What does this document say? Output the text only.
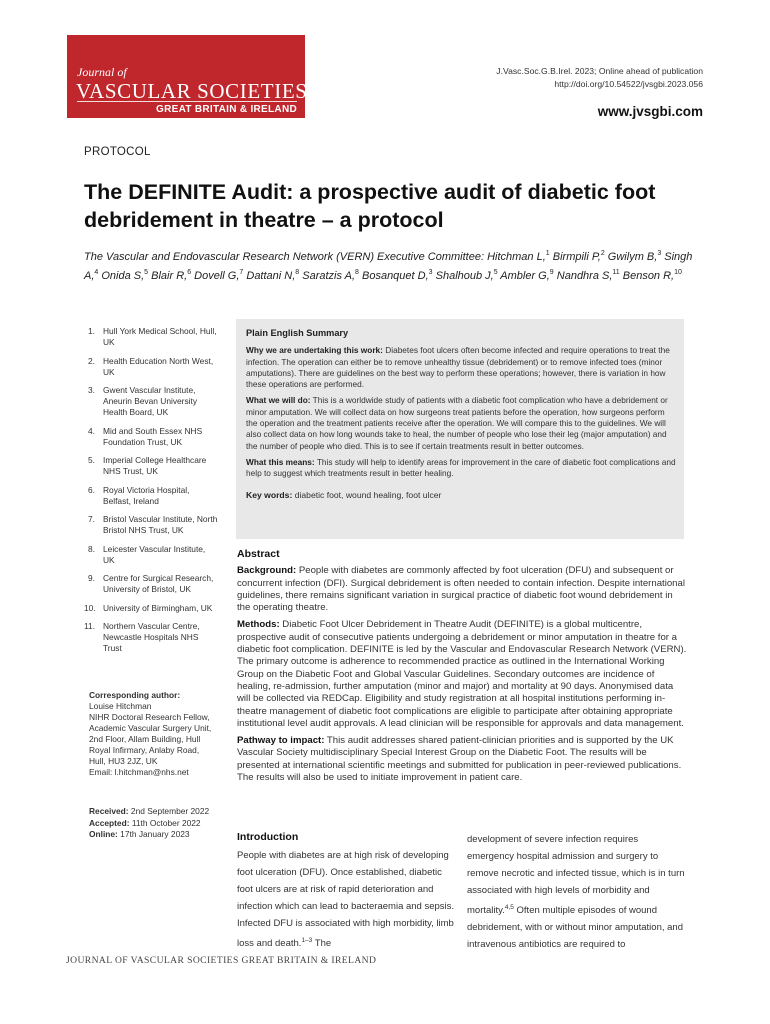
Journal of
VASCULAR SOCIETIES
GREAT BRITAIN & IRELAND
J.Vasc.Soc.G.B.Irel. 2023; Online ahead of publication
http://doi.org/10.54522/jvsgbi.2023.056
www.jvsgbi.com
PROTOCOL
The DEFINITE Audit: a prospective audit of diabetic foot debridement in theatre – a protocol
The Vascular and Endovascular Research Network (VERN) Executive Committee: Hitchman L,$^1$ Birmpili P,$^2$ Gwilym B,$^3$ Singh A,$^4$ Onida S,$^5$ Blair R,$^6$ Dovell G,$^7$ Dattani N,$^8$ Saratzis A,$^8$ Bosanquet D,$^3$ Shalhoub J,$^5$ Ambler G,$^9$ Nandhra S,$^{11}$ Benson R,$^{10}$
1. Hull York Medical School, Hull, UK
2. Health Education North West, UK
3. Gwent Vascular Institute, Aneurin Bevan University Health Board, UK
4. Mid and South Essex NHS Foundation Trust, UK
5. Imperial College Healthcare NHS Trust, UK
6. Royal Victoria Hospital, Belfast, Ireland
7. Bristol Vascular Institute, North Bristol NHS Trust, UK
8. Leicester Vascular Institute, UK
9. Centre for Surgical Research, University of Bristol, UK
10. University of Birmingham, UK
11. Northern Vascular Centre, Newcastle Hospitals NHS Trust
Corresponding author:
Louise Hitchman
NIHR Doctoral Research Fellow,
Academic Vascular Surgery Unit,
2nd Floor, Allam Building, Hull
Royal Infirmary, Anlaby Road,
Hull, HU3 2JZ, UK
Email: l.hitchman@nhs.net
Received: 2nd September 2022
Accepted: 11th October 2022
Online: 17th January 2023
Plain English Summary

Why we are undertaking this work: Diabetes foot ulcers often become infected and require operations to treat the infection. The operation can either be to remove unhealthy tissue (debridement) or to remove infected toes (minor amputations). There are guidelines on the best way to perform these operations; however, there is variation in how these operations are performed.

What we will do: This is a worldwide study of patients with a diabetic foot complication who have a debridement or minor amputation. We will collect data on how surgeons treat patients before the operation, how surgeons perform the operation and the treatment patients receive after the operation. We will compare this to the guidelines. We will also collect data on how long wounds take to heal, the number of people who lose their leg (major amputation) and the number of people who died. This is to see if certain treatments result in better outcomes.

What this means: This study will help to identify areas for improvement in the care of diabetic foot complications and help to suggest which treatments result in better healing.

Key words: diabetic foot, wound healing, foot ulcer
Abstract

Background: People with diabetes are commonly affected by foot ulceration (DFU) and subsequent or concurrent infection (DFI). Surgical debridement is often needed to contain infection. Despite international guidelines, there remains significant variation in surgical practice of diabetic foot wound debridement in the operating theatre.

Methods: Diabetic Foot Ulcer Debridement in Theatre Audit (DEFINITE) is a global multicentre, prospective audit of consecutive patients undergoing a debridement or minor amputation in theatre for a diabetic foot complication. DEFINITE is led by the Vascular and Endovascular Research Network (VERN). The primary outcome is adherence to recommended practice as outlined in the International Working Group on the Diabetic Foot and Global Vascular Guidelines. Secondary outcomes are incidence of healing, re-admission, further amputation (minor and major) and mortality at 90 days. Anonymised data will be collected via REDCap. Eligibility and study registration at all hospital institutions performing in-theatre management of diabetic foot complications are eligible to participate after obtaining appropriate institutional level audit approvals. A lead clinician will be responsible for approvals and data management.

Pathway to impact: This audit addresses shared patient-clinician priorities and is supported by the UK Vascular Society multidisciplinary Special Interest Group on the Diabetic Foot. The results will be presented at international scientific meetings and submitted for publication in peer-reviewed publications. The results will also be used to initiate improvement in patient care.

Introduction
People with diabetes are at high risk of developing foot ulceration (DFU). Once established, diabetic foot ulcers are at risk of rapid deterioration and infection which can lead to bacteraemia and sepsis. Infected DFU is associated with high morbidity, limb loss and death.$^{1-3}$ The
development of severe infection requires emergency hospital admission and surgery to remove necrotic and infected tissue, which is in turn associated with high levels of morbidity and mortality.$^{4,5}$ Often multiple episodes of wound debridement, with or without minor amputation, and intravenous antibiotics are required to
JOURNAL OF VASCULAR SOCIETIES GREAT BRITAIN & IRELAND
